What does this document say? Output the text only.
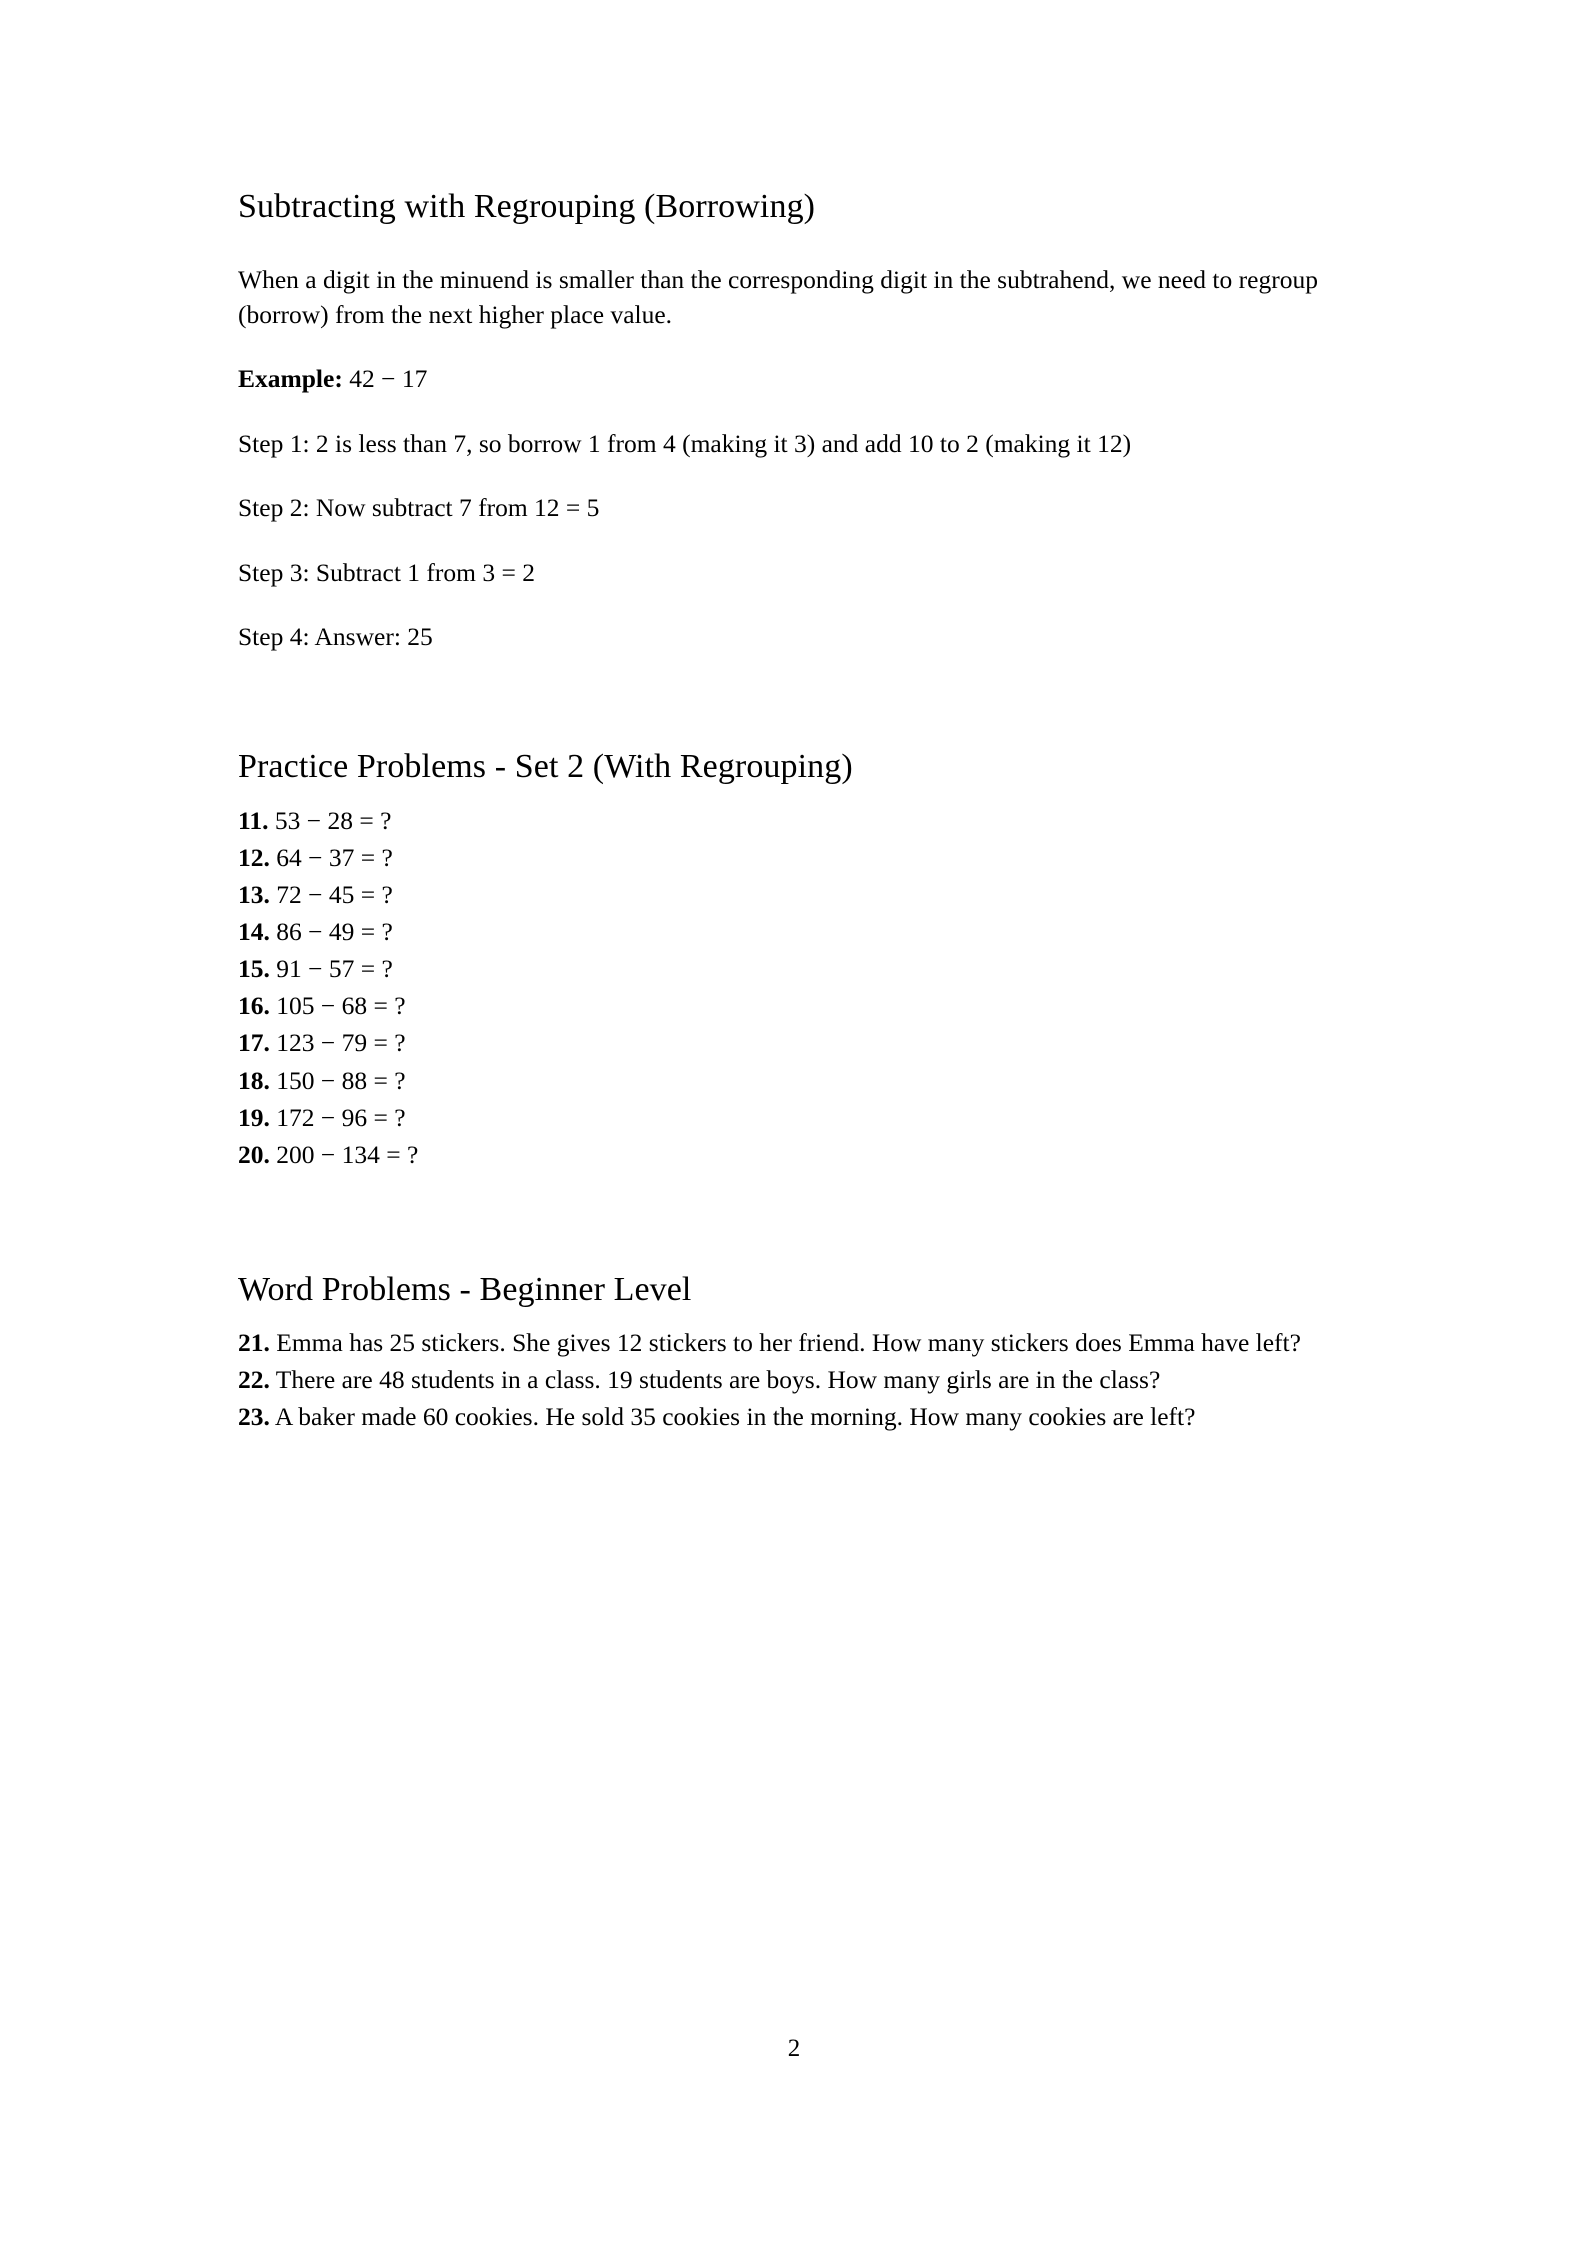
Subtracting with Regrouping (Borrowing)

When a digit in the minuend is smaller than the corresponding digit in the subtrahend, we need to regroup (borrow) from the next higher place value.

Example: 42 − 17

Step 1: 2 is less than 7, so borrow 1 from 4 (making it 3) and add 10 to 2 (making it 12)

Step 2: Now subtract 7 from 12 = 5

Step 3: Subtract 1 from 3 = 2

Step 4: Answer: 25

Practice Problems - Set 2 (With Regrouping)
11. 53 − 28 = ?
12. 64 − 37 = ?
13. 72 − 45 = ?
14. 86 − 49 = ?
15. 91 − 57 = ?
16. 105 − 68 = ?
17. 123 − 79 = ?
18. 150 − 88 = ?
19. 172 − 96 = ?
20. 200 − 134 = ?
Word Problems - Beginner Level
21. Emma has 25 stickers. She gives 12 stickers to her friend. How many stickers does Emma have left?
22. There are 48 students in a class. 19 students are boys. How many girls are in the class?
23. A baker made 60 cookies. He sold 35 cookies in the morning. How many cookies are left?
2
